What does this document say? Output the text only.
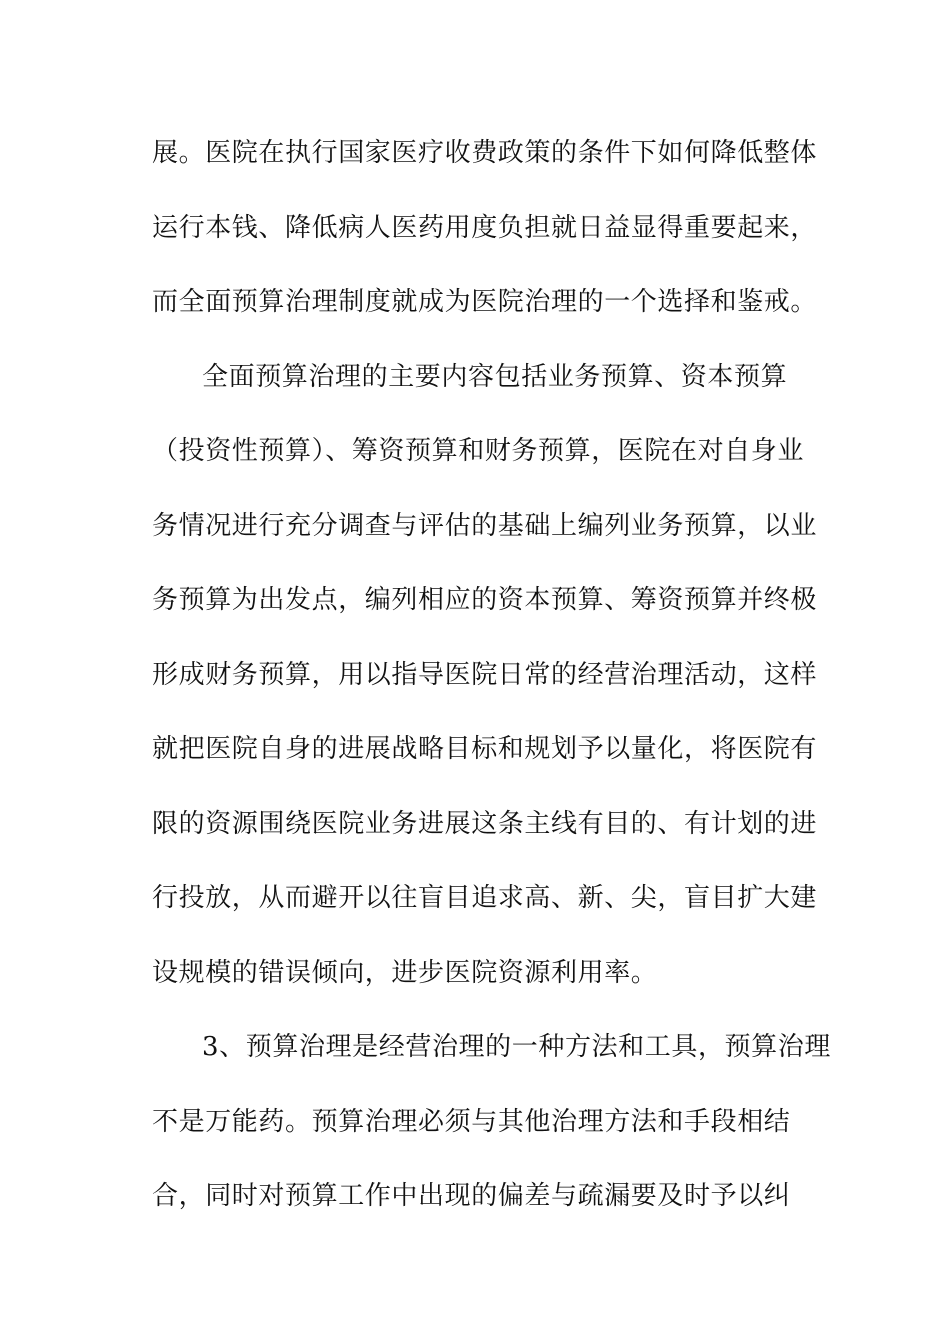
展。医院在执行国家医疗收费政策的条件下如何降低整体
运行本钱、降低病人医药用度负担就日益显得重要起来，
而全面预算治理制度就成为医院治理的一个选择和鉴戒。
全面预算治理的主要内容包括业务预算、资本预算
（投资性预算）、筹资预算和财务预算，医院在对自身业
务情况进行充分调查与评估的基础上编列业务预算，以业
务预算为出发点，编列相应的资本预算、筹资预算并终极
形成财务预算，用以指导医院日常的经营治理活动，这样
就把医院自身的进展战略目标和规划予以量化，将医院有
限的资源围绕医院业务进展这条主线有目的、有计划的进
行投放，从而避开以往盲目追求高、新、尖，盲目扩大建
设规模的错误倾向，进步医院资源利用率。
3、预算治理是经营治理的一种方法和工具，预算治理
不是万能药。预算治理必须与其他治理方法和手段相结
合，同时对预算工作中出现的偏差与疏漏要及时予以纠
